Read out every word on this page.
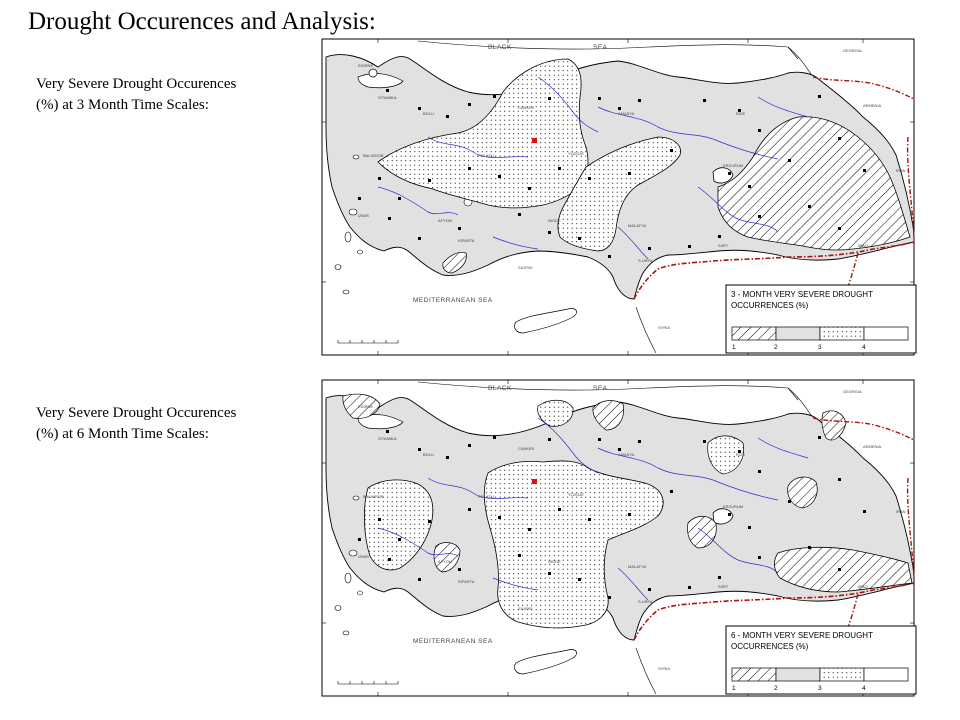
Drought Occurences and Analysis:
Very Severe Drought Occurences
(%) at 3 Month Time Scales:
Very Severe Drought Occurences
(%) at 6 Month Time Scales:
EDIRNE
ISTANBUL
BOLU
CANKIRI
AMASYA	RIZE
BALIKESIR	POLATLI	YOZGAT
ERZURUM
IZMIR
AFYON	NIGDE
MALATYA
SIIRT
ISPARTA
SILIFKE
S.URFA
BLACK	SEA
MEDITERRANEAN SEA
SYRIA
GEORGIA
ARMENIA
IRAN
IRAQ
3 - MONTH VERY SEVERE DROUGHT
OCCURRENCES (%)
1	2	3	4
EDIRNE
ISTANBUL
BOLU
CANKIRI
AMASYA	RIZE
BALIKESIR	POLATLI	YOZGAT
ERZURUM
IZMIR
AFYON	NIGDE
MALATYA
SIIRT
ISPARTA
SILIFKE
S.URFA
BLACK	SEA
MEDITERRANEAN SEA
SYRIA
GEORGIA
ARMENIA
IRAN
IRAQ
6 - MONTH VERY SEVERE DROUGHT
OCCURRENCES (%)
1	2	3	4
